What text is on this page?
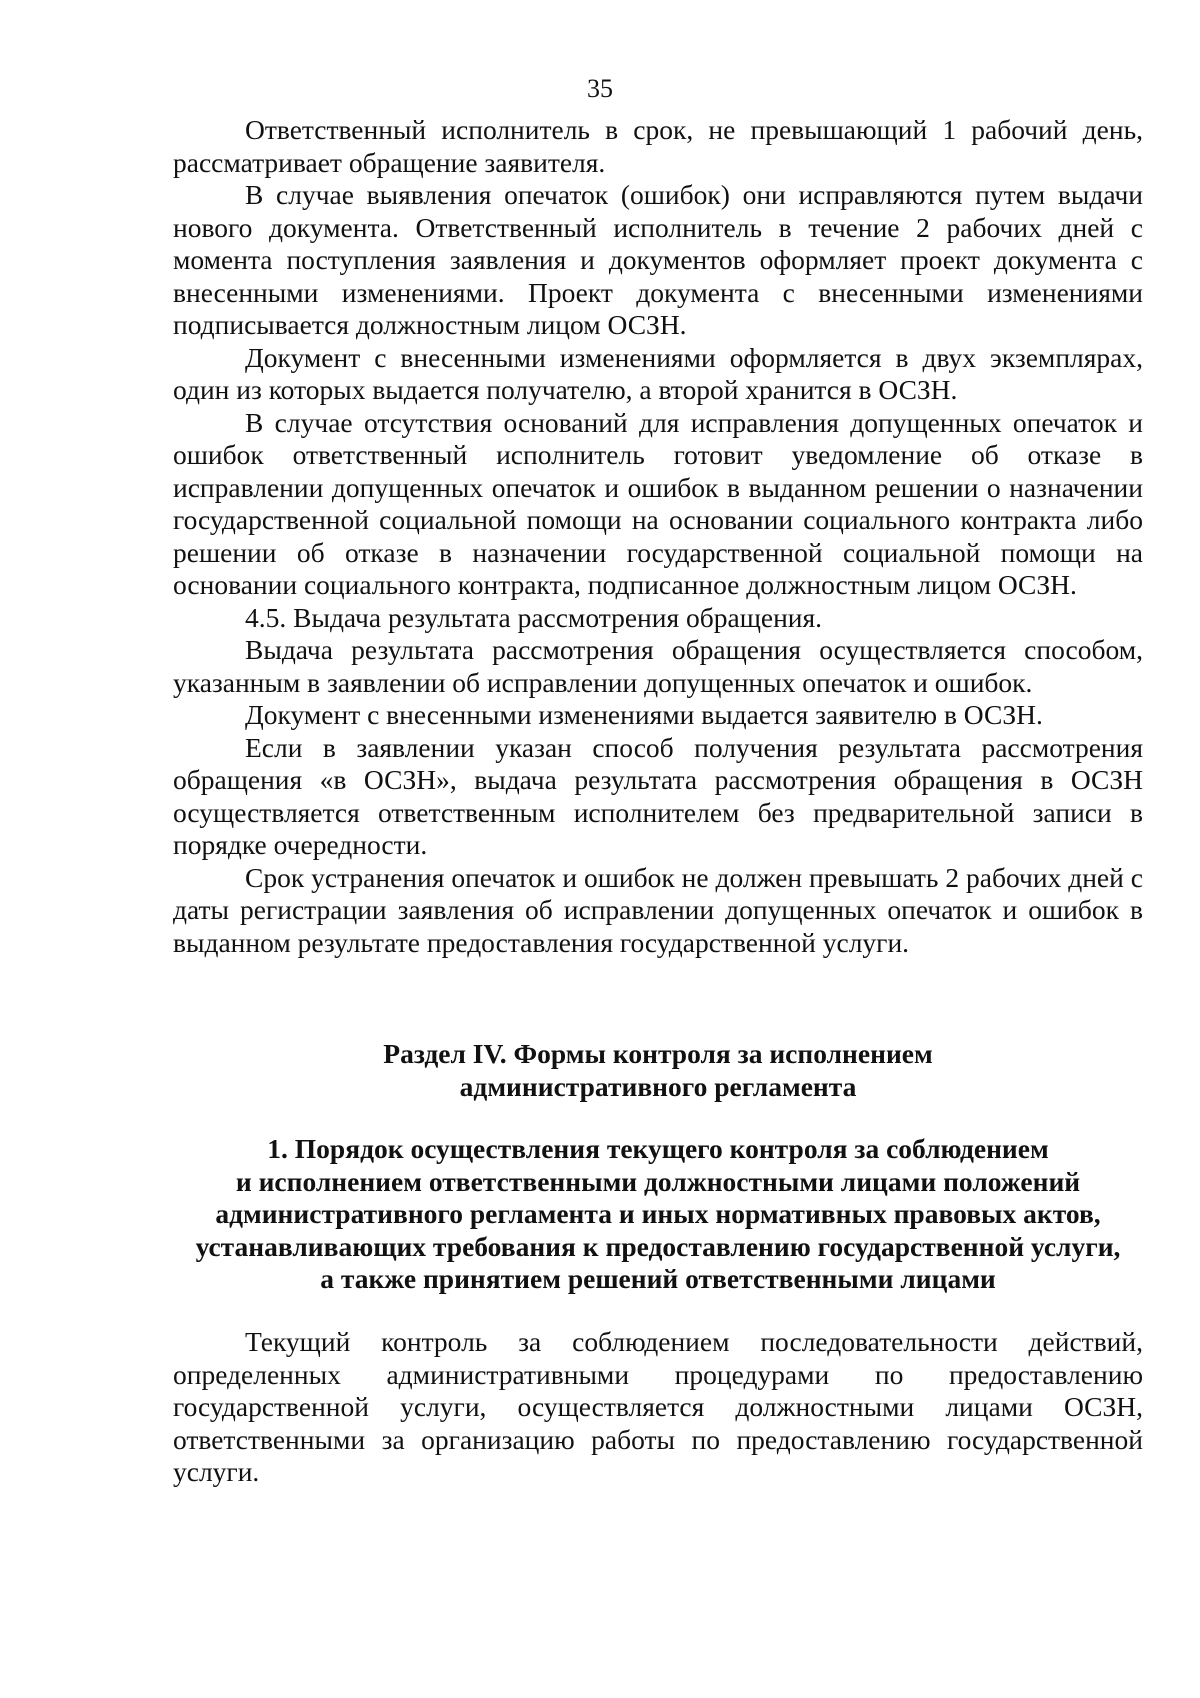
35

Ответственный исполнитель в срок, не превышающий 1 рабочий день, рассматривает обращение заявителя.

В случае выявления опечаток (ошибок) они исправляются путем выдачи нового документа. Ответственный исполнитель в течение 2 рабочих дней с момента поступления заявления и документов оформляет проект документа с внесенными изменениями. Проект документа с внесенными изменениями подписывается должностным лицом ОСЗН.

Документ с внесенными изменениями оформляется в двух экземплярах, один из которых выдается получателю, а второй хранится в ОСЗН.

В случае отсутствия оснований для исправления допущенных опечаток и ошибок ответственный исполнитель готовит уведомление об отказе в исправлении допущенных опечаток и ошибок в выданном решении о назначении государственной социальной помощи на основании социального контракта либо решении об отказе в назначении государственной социальной помощи на основании социального контракта, подписанное должностным лицом ОСЗН.

4.5. Выдача результата рассмотрения обращения.

Выдача результата рассмотрения обращения осуществляется способом, указанным в заявлении об исправлении допущенных опечаток и ошибок.

Документ с внесенными изменениями выдается заявителю в ОСЗН.

Если в заявлении указан способ получения результата рассмотрения обращения «в ОСЗН», выдача результата рассмотрения обращения в ОСЗН осуществляется ответственным исполнителем без предварительной записи в порядке очередности.

Срок устранения опечаток и ошибок не должен превышать 2 рабочих дней с даты регистрации заявления об исправлении допущенных опечаток и ошибок в выданном результате предоставления государственной услуги.

Раздел IV. Формы контроля за исполнением
административного регламента
1. Порядок осуществления текущего контроля за соблюдением
и исполнением ответственными должностными лицами положений
административного регламента и иных нормативных правовых актов,
устанавливающих требования к предоставлению государственной услуги,
а также принятием решений ответственными лицами

Текущий контроль за соблюдением последовательности действий, определенных административными процедурами по предоставлению государственной услуги, осуществляется должностными лицами ОСЗН, ответственными за организацию работы по предоставлению государственной услуги.
